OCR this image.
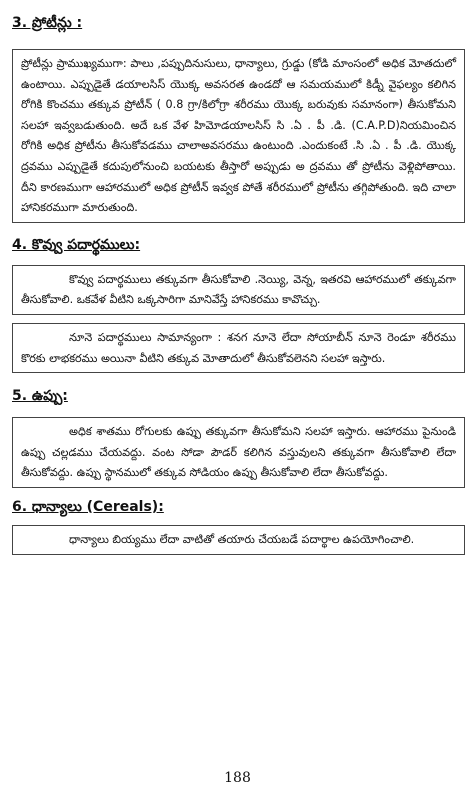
3. ప్రోటీన్లు :

ప్రోటీన్లు ప్రాముఖ్యముగా: పాలు ,పప్పుదినుసులు, ధాన్యాలు, గ్రుడ్డు (కోడి మాంసంలో అధిక మోతదులో ఉంటాయి. ఎప్పుడైతే డయాలసిస్ యొక్క అవసరత ఉండదో ఆ సమయములో కిడ్నీ వైఫల్యం కలిగిన రోగికి కొంచము తక్కువ ప్రోటీన్ ( 0.8 గ్రా/కిలోగ్రా శరీరము యొక్క బరువుకు సమానంగా) తీసుకోమని సలహా ఇవ్వబడుతుంది. అదే ఒక వేళ హిమోడయాలసిస్ సి .ఏ . పీ .డి. (C.A.P.D)నియమించిన రోగికి అధిక ప్రోటీను తీసుకోవడము చాలాఅవసరము ఉంటుంది .ఎందుకంటే .సి .ఏ . పీ .డి. యొక్క ద్రవము ఎప్పుడైతే కదుపులోనుంచి బయటకు తీస్తారో అప్పుడు అ ద్రవము తో ప్రోటీను వెళ్లిపోతాయి. దీని కారణముగా ఆహారములో అధిక ప్రోటీన్ ఇవ్వక పోతే శరీరములో ప్రోటీను తగ్గిపోతుంది. ఇది చాలా హానికరముగా మారుతుంది.

4. కొవ్వు పదార్థములు:

కొవ్వు పదార్థములు తక్కువగా తీసుకోవాలి .నెయ్యి, వెన్న, ఇతరవి ఆహారములో తక్కువగా తీసుకోవాలి. ఒకవేళ వీటిని ఒక్కసారిగా మానివేస్తే హానికరము కావొచ్చు.

నూనె పదార్థములు సామాన్యంగా : శనగ నూనె లేదా సోయాబీన్ నూనె రెండూ శరీరము కొరకు లాభకరము అయినా వీటిని తక్కువ మోతాదులో తీసుకోవలెనని సలహా ఇస్తారు.

5. ఉప్పు:

అధిక శాతము రోగులకు ఉప్పు తక్కువగా తీసుకోమని సలహా ఇస్తారు. ఆహారము పైనుండి ఉప్పు చల్లడము చేయవద్దు. వంట సోడా పౌడర్ కలిగిన వస్తువులని తక్కువగా తీసుకోవాలి లేదా తీసుకోవద్దు. ఉప్పు స్థానములో తక్కువ సోడియం ఉప్పు తీసుకోవాలి లేదా తీసుకోవద్దు.

6. ధాన్యాలు (Cereals):

ధాన్యాలు బియ్యము లేదా వాటితో తయారు చేయబడే పదార్థాల ఉపయోగించాలి.

188
